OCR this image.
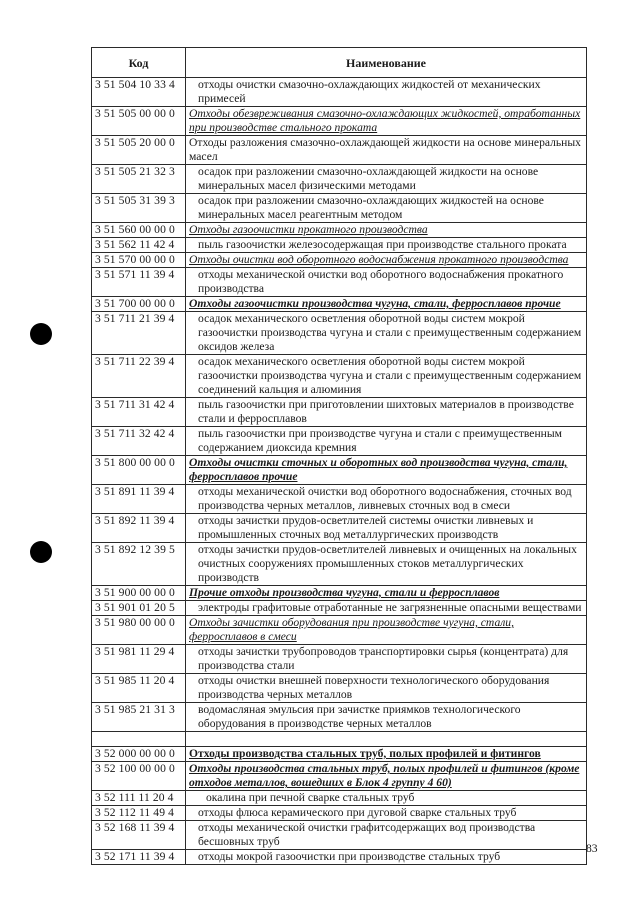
Код	Наименование
3 51 504 10 33 4	отходы очистки смазочно-охлаждающих жидкостей от механических примесей
3 51 505 00 00 0	Отходы обезвреживания смазочно-охлаждающих жидкостей, отработанных при производстве стального проката
3 51 505 20 00 0	Отходы разложения смазочно-охлаждающей жидкости на основе минеральных масел
3 51 505 21 32 3	осадок при разложении смазочно-охлаждающей жидкости на основе минеральных масел физическими методами
3 51 505 31 39 3	осадок при разложении смазочно-охлаждающих жидкостей на основе минеральных масел реагентным методом
3 51 560 00 00 0	Отходы газоочистки прокатного производства
3 51 562 11 42 4	пыль газоочистки железосодержащая при производстве стального проката
3 51 570 00 00 0	Отходы очистки вод оборотного водоснабжения прокатного производства
3 51 571 11 39 4	отходы механической очистки вод оборотного водоснабжения прокатного производства
3 51 700 00 00 0	Отходы газоочистки производства чугуна, стали, ферросплавов прочие
3 51 711 21 39 4	осадок механического осветления оборотной воды систем мокрой газоочистки производства чугуна и стали с преимущественным содержанием оксидов железа
3 51 711 22 39 4	осадок механического осветления оборотной воды систем мокрой газоочистки производства чугуна и стали с преимущественным содержанием соединений кальция и алюминия
3 51 711 31 42 4	пыль газоочистки при приготовлении шихтовых материалов в производстве стали и ферросплавов
3 51 711 32 42 4	пыль газоочистки при производстве чугуна и стали с преимущественным содержанием диоксида кремния
3 51 800 00 00 0	Отходы очистки сточных и оборотных вод производства чугуна, стали, ферросплавов прочие
3 51 891 11 39 4	отходы механической очистки вод оборотного водоснабжения, сточных вод производства черных металлов, ливневых сточных вод в смеси
3 51 892 11 39 4	отходы зачистки прудов-осветлителей системы очистки ливневых и промышленных сточных вод металлургических производств
3 51 892 12 39 5	отходы зачистки прудов-осветлителей ливневых и очищенных на локальных очистных сооружениях промышленных стоков металлургических производств
3 51 900 00 00 0	Прочие отходы производства чугуна, стали и ферросплавов
3 51 901 01 20 5	электроды графитовые отработанные не загрязненные опасными веществами
3 51 980 00 00 0	Отходы зачистки оборудования при производстве чугуна, стали, ферросплавов в смеси
3 51 981 11 29 4	отходы зачистки трубопроводов транспортировки сырья (концентрата) для производства стали
3 51 985 11 20 4	отходы очистки внешней поверхности технологического оборудования производства черных металлов
3 51 985 21 31 3	водомасляная эмульсия при зачистке приямков технологического оборудования в производстве черных металлов

3 52 000 00 00 0	Отходы производства стальных труб, полых профилей и фитингов
3 52 100 00 00 0	Отходы производства стальных труб, полых профилей и фитингов (кроме отходов металлов, вошедших в Блок 4 группу 4 60)
3 52 111 11 20 4	окалина при печной сварке стальных труб
3 52 112 11 49 4	отходы флюса керамического при дуговой сварке стальных труб
3 52 168 11 39 4	отходы механической очистки графитсодержащих вод производства бесшовных труб
3 52 171 11 39 4	отходы мокрой газоочистки при производстве стальных труб
83
